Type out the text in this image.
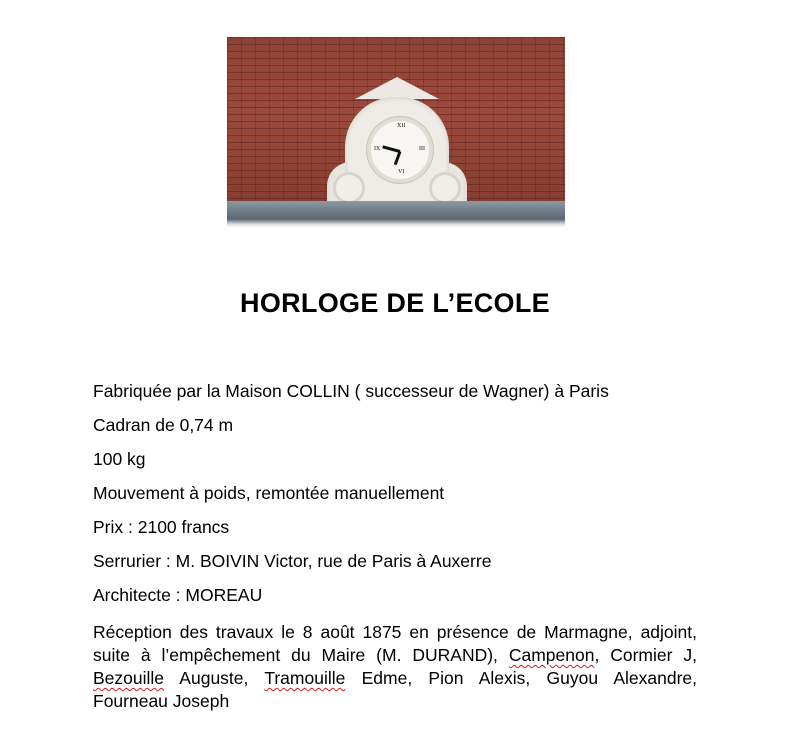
XII
III
VI
IX
HORLOGE DE L’ECOLE
Fabriquée par la Maison COLLIN ( successeur de Wagner) à Paris
Cadran de 0,74 m
100 kg
Mouvement à poids, remontée manuellement
Prix : 2100 francs
Serrurier : M. BOIVIN Victor, rue de Paris à Auxerre
Architecte : MOREAU

Réception des travaux le 8 août 1875 en présence de Marmagne, adjoint, suite à l’empêchement du Maire (M. DURAND), Campenon, Cormier J, Bezouille Auguste, Tramouille Edme, Pion Alexis, Guyou Alexandre, Fourneau Joseph
